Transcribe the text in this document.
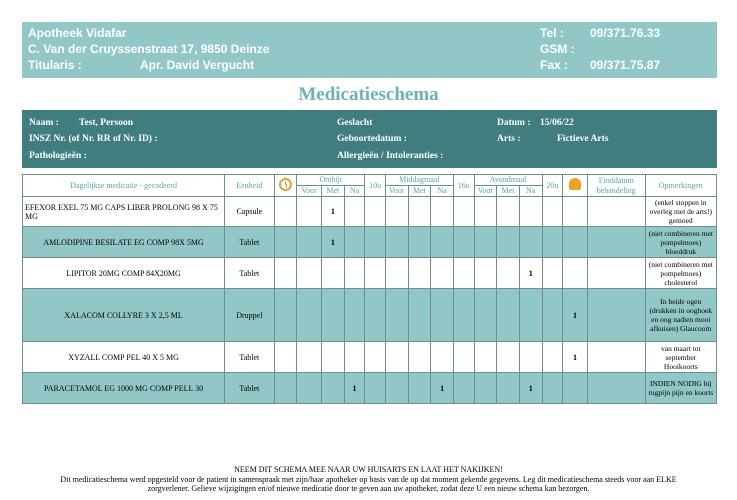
Apotheek Vidafar
C. Van der Cruyssenstraat 17, 9850 Deinze
Titularis :	Apr. David Vergucht
Tel :	09/371.76.33
GSM :
Fax :	09/371.75.87
Medicatieschema
Naam : Test, Persoon
INSZ Nr. (of Nr. RR of Nr. ID) :
Pathologieën :
Geslacht
Geboortedatum :
Allergieën / Intoleranties :
Datum : 15/06/22
Arts :	Fictieve Arts
Dagelijkse medicatie - gecodeerd	Eenheid		Ontbijt			10u	Middagmaal			16u	Avondmaal			20u		Einddatum behandeling	Opmerkingen
			Voor	Met	Na		Voor	Met	Na		Voor	Met	Na				
EFEXOR EXEL 75 MG CAPS LIBER PROLONG 98 X 75 MG	Capsule			1													(enkel stoppen in overleg met de arts!) gemoed
AMLODIPINE BESILATE EG COMP 98X 5MG	Tablet			1													(niet combineren met pompelmoes) bloeddruk
LIPITOR 20MG COMP 84X20MG	Tablet												1				(niet combineren met pompelmoes) cholesterol
XALACOM COLLYRE 3 X 2,5 ML	Druppel														1		In beide ogen (drukken in ooghoek en oog nadien mooi afkuisen) Glaucoom
XYZALL COMP PEL 40 X 5 MG	Tablet														1		van maart tot september Hooikoorts
PARACETAMOL EG 1000 MG COMP PELL 30	Tablet				1				1				1				INDIEN NODIG bij rugpijn pijn en koorts
NEEM DIT SCHEMA MEE NAAR UW HUISARTS EN LAAT HET NAKIJKEN!
Dit medicatieschema werd opgesteld voor de patient in samenspraak met zijn/haar apotheker op basis van de op dat moment gekende gegevens. Leg dit medicatieschema steeds voor aan ELKE
zorgverlener. Gelieve wijzigingen en/of nieuwe medicatie door te geven aan uw apotheker, zodat deze U een nieuw schema kan bezorgen.
